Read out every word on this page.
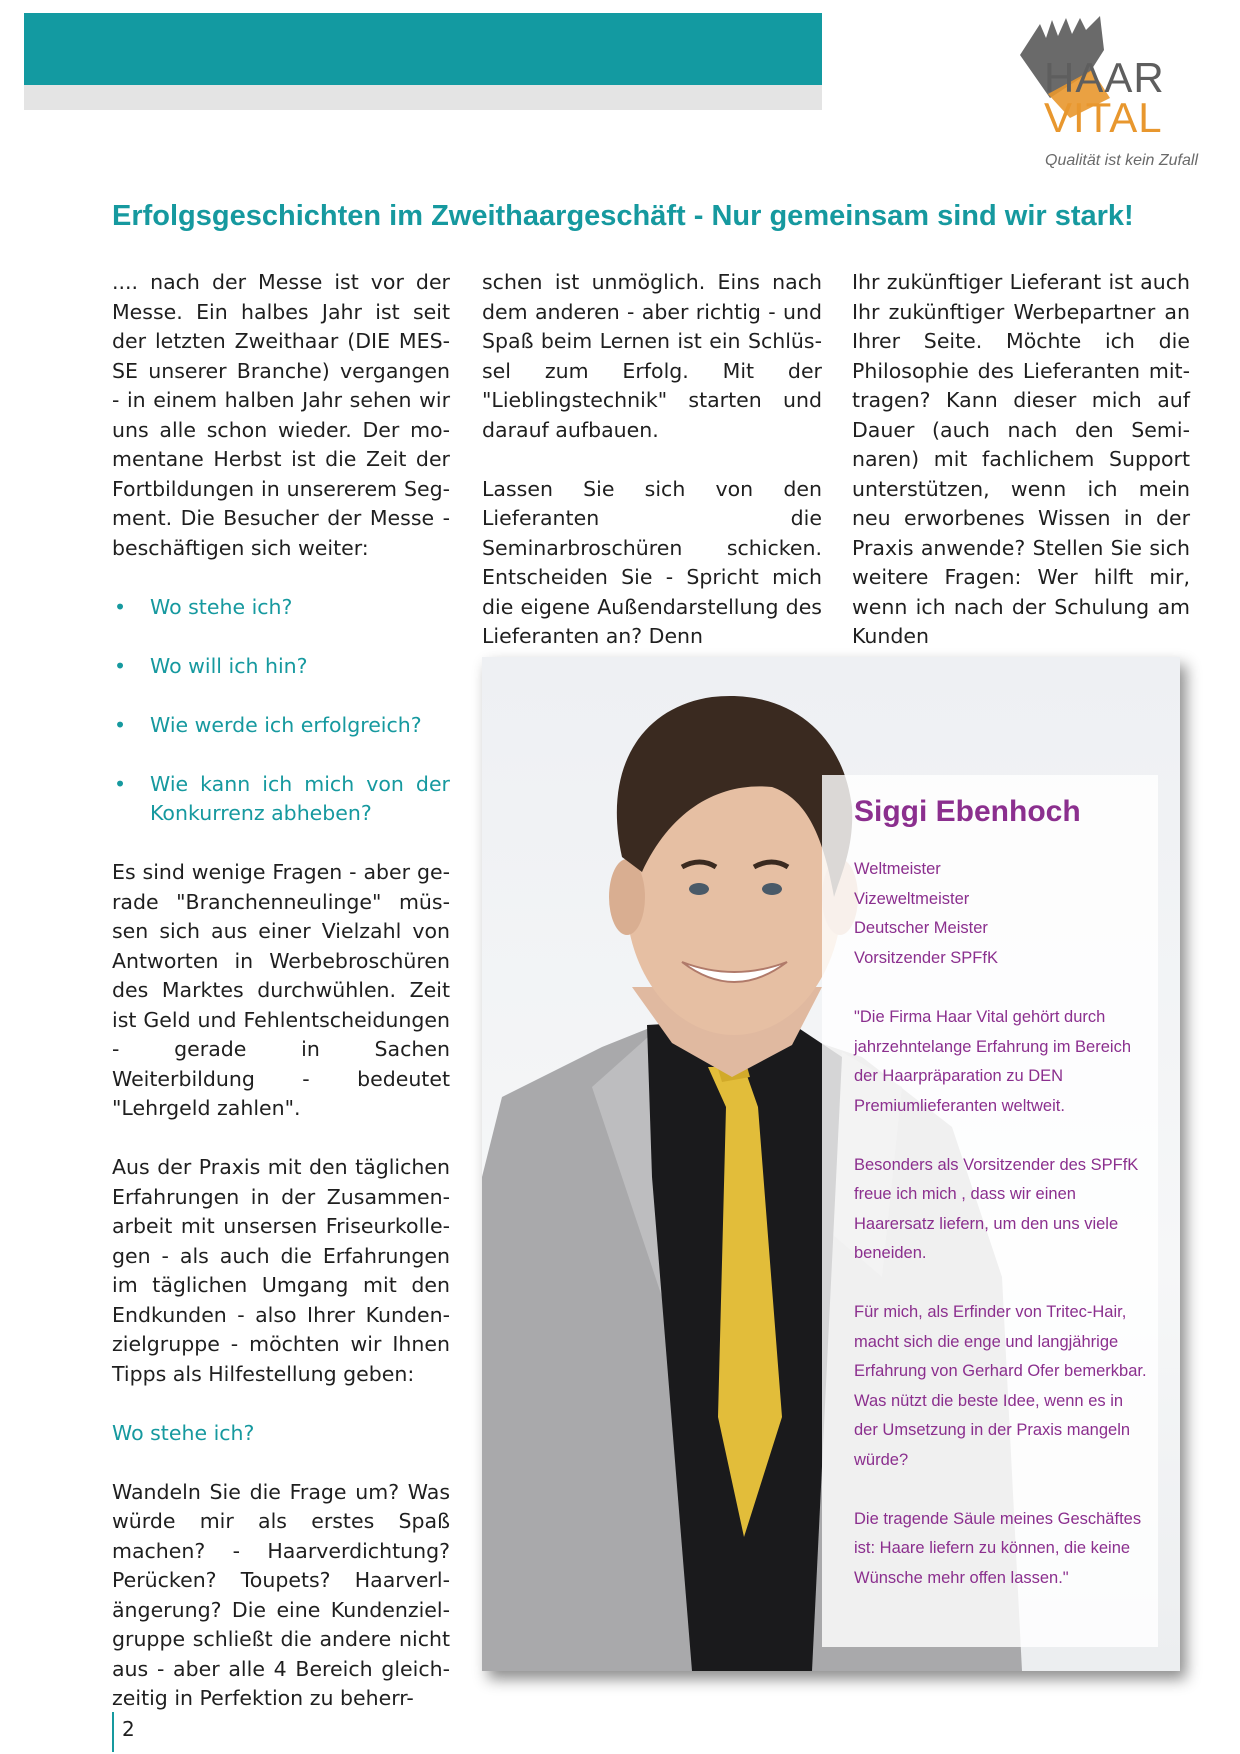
HAAR
VITAL
Qualität ist kein Zufall
Erfolgsgeschichten im Zweithaargeschäft - Nur gemeinsam sind wir stark!

.... nach der Messe ist vor der Messe. Ein halbes Jahr ist seit der letzten Zweithaar (DIE MESSE unserer Branche) vergangen - in einem halben Jahr sehen wir uns alle schon wieder. Der momentane Herbst ist die Zeit der Fortbildungen in unsererem Segment. Die Besucher der Messe - beschäftigen sich weiter:

• Wo stehe ich?
• Wo will ich hin?
• Wie werde ich erfolgreich?
• Wie kann ich mich von der Konkurrenz abheben?

Es sind wenige Fragen - aber gerade "Branchenneulinge" müssen sich aus einer Vielzahl von Antworten in Werbebroschüren des Marktes durchwühlen. Zeit ist Geld und Fehlentscheidungen - gerade in Sachen Weiterbildung - bedeutet "Lehrgeld zahlen".

Aus der Praxis mit den täglichen Erfahrungen in der Zusammenarbeit mit unsersen Friseurkollegen - als auch die Erfahrungen im täglichen Umgang mit den Endkunden - also Ihrer Kundenzielgruppe - möchten wir Ihnen Tipps als Hilfestellung geben:

Wo stehe ich?

Wandeln Sie die Frage um? Was würde mir als erstes Spaß machen? - Haarverdichtung? Perücken? Toupets? Haarverlängerung? Die eine Kundenzielgruppe schließt die andere nicht aus - aber alle 4 Bereich gleichzeitig in Perfektion zu beherr-

schen ist unmöglich. Eins nach dem anderen - aber richtig - und Spaß beim Lernen ist ein Schlüssel zum Erfolg. Mit der "Lieblingstechnik" starten und darauf aufbauen.

Lassen Sie sich von den Lieferanten die Seminarbroschüren schicken. Entscheiden Sie - Spricht mich die eigene Außendarstellung des Lieferanten an? Denn

Ihr zukünftiger Lieferant ist auch Ihr zukünftiger Werbepartner an Ihrer Seite. Möchte ich die Philosophie des Lieferanten mittragen? Kann dieser mich auf Dauer (auch nach den Seminaren) mit fachlichem Support unterstützen, wenn ich mein neu erworbenes Wissen in der Praxis anwende? Stellen Sie sich weitere Fragen: Wer hilft mir, wenn ich nach der Schulung am Kunden

Siggi Ebenhoch
Weltmeister
Vizeweltmeister
Deutscher Meister
Vorsitzender SPFfK

"Die Firma Haar Vital gehört durch jahrzehntelange Erfahrung im Bereich der Haarpräparation zu DEN Premiumlieferanten weltweit.

Besonders als Vorsitzender des SPFfK freue ich mich , dass wir einen Haarersatz liefern, um den uns viele beneiden.

Für mich, als Erfinder von Tritec-Hair, macht sich die enge und langjährige Erfahrung von Gerhard Ofer bemerkbar. Was nützt die beste Idee, wenn es in der Umsetzung in der Praxis mangeln würde?

Die tragende Säule meines Geschäftes ist: Haare liefern zu können, die keine Wünsche mehr offen lassen."

2
